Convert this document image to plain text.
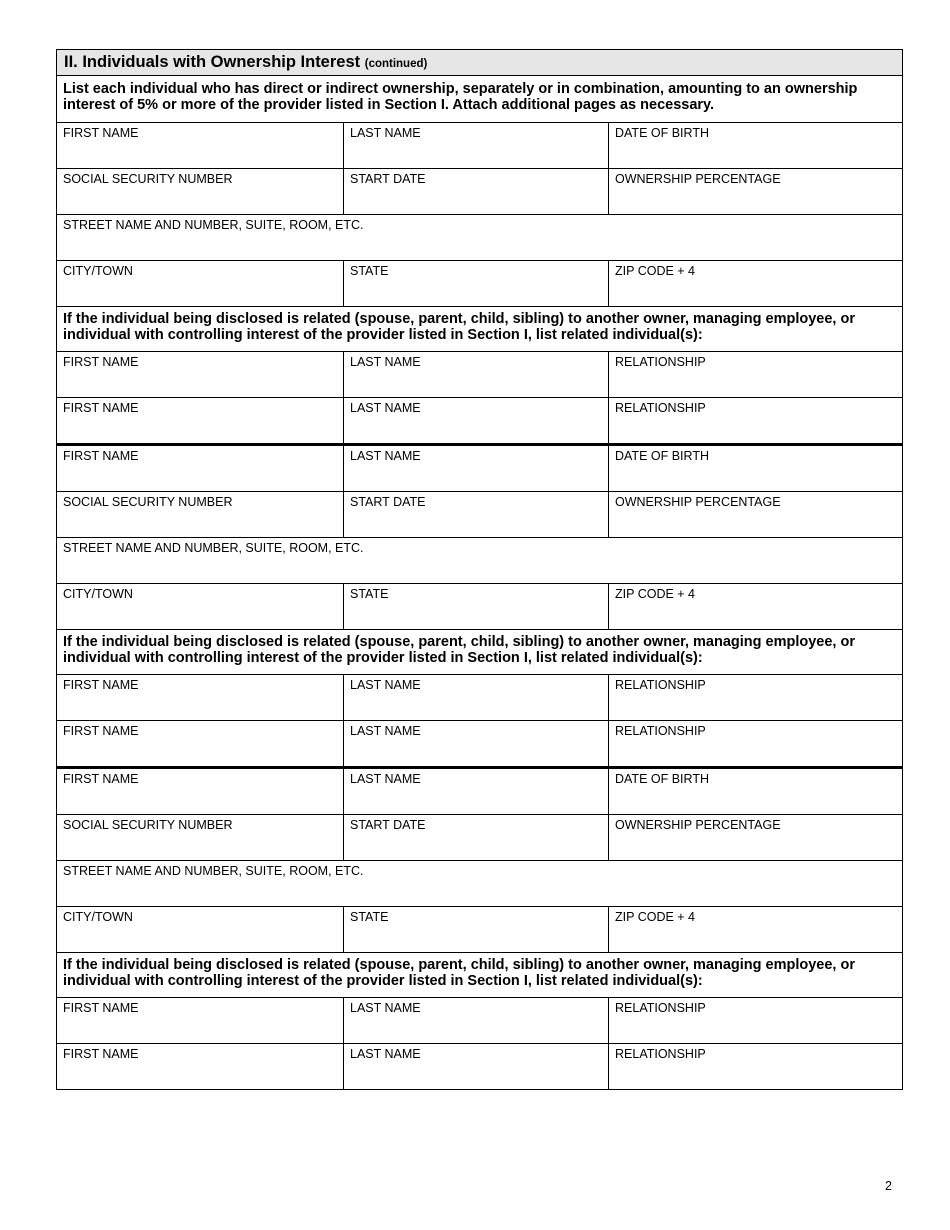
II. Individuals with Ownership Interest (continued)
List each individual who has direct or indirect ownership, separately or in combination, amounting to an ownership interest of 5% or more of the provider listed in Section I. Attach additional pages as necessary.
FIRST NAME	LAST NAME	DATE OF BIRTH
SOCIAL SECURITY NUMBER	START DATE	OWNERSHIP PERCENTAGE
STREET NAME AND NUMBER, SUITE, ROOM, ETC.
CITY/TOWN	STATE	ZIP CODE + 4
If the individual being disclosed is related (spouse, parent, child, sibling) to another owner, managing employee, or individual with controlling interest of the provider listed in Section I, list related individual(s):
FIRST NAME	LAST NAME	RELATIONSHIP
FIRST NAME	LAST NAME	RELATIONSHIP
FIRST NAME	LAST NAME	DATE OF BIRTH
SOCIAL SECURITY NUMBER	START DATE	OWNERSHIP PERCENTAGE
STREET NAME AND NUMBER, SUITE, ROOM, ETC.
CITY/TOWN	STATE	ZIP CODE + 4
If the individual being disclosed is related (spouse, parent, child, sibling) to another owner, managing employee, or individual with controlling interest of the provider listed in Section I, list related individual(s):
FIRST NAME	LAST NAME	RELATIONSHIP
FIRST NAME	LAST NAME	RELATIONSHIP
FIRST NAME	LAST NAME	DATE OF BIRTH
SOCIAL SECURITY NUMBER	START DATE	OWNERSHIP PERCENTAGE
STREET NAME AND NUMBER, SUITE, ROOM, ETC.
CITY/TOWN	STATE	ZIP CODE + 4
If the individual being disclosed is related (spouse, parent, child, sibling) to another owner, managing employee, or individual with controlling interest of the provider listed in Section I, list related individual(s):
FIRST NAME	LAST NAME	RELATIONSHIP
FIRST NAME	LAST NAME	RELATIONSHIP
2
